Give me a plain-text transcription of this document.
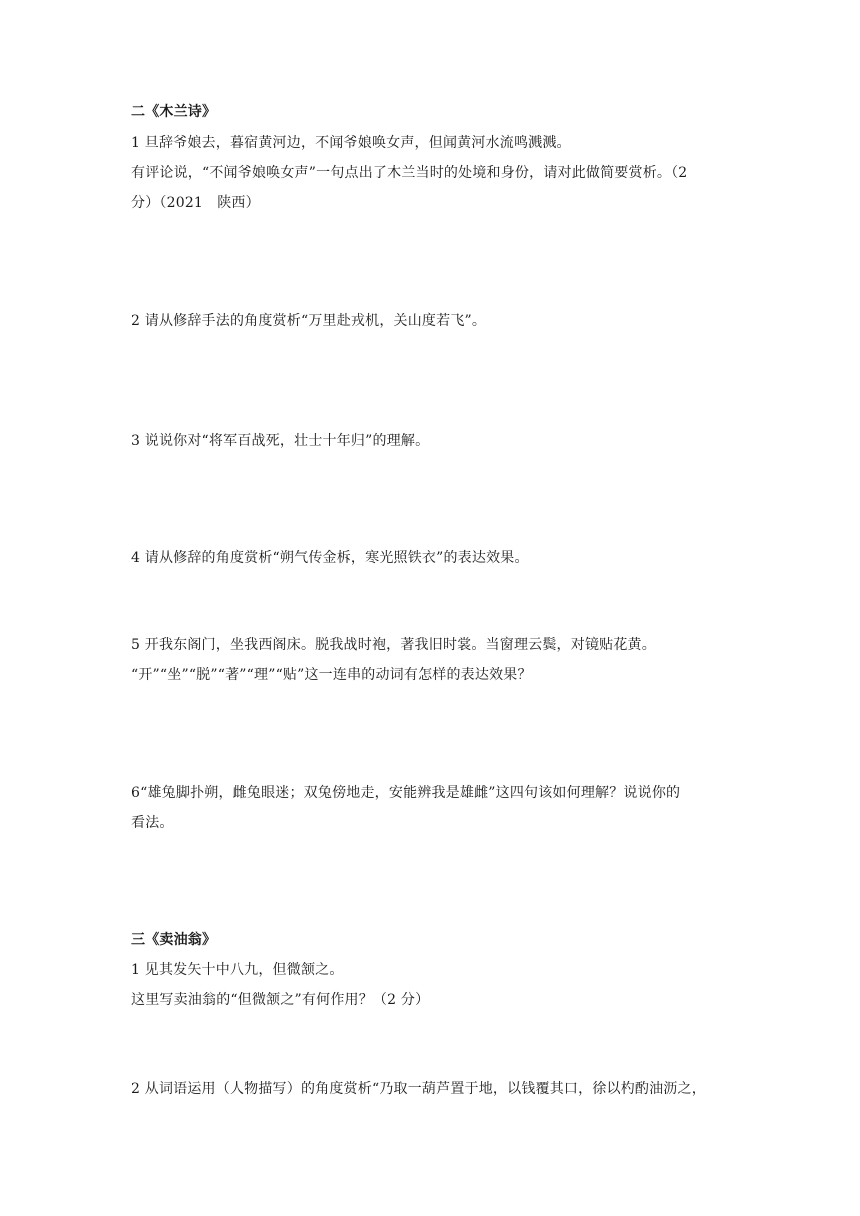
二《木兰诗》
1 旦辞爷娘去，暮宿黄河边，不闻爷娘唤女声，但闻黄河水流鸣溅溅。
有评论说，“不闻爷娘唤女声”一句点出了木兰当时的处境和身份，请对此做简要赏析。（2
分）（2021　陕西）
2 请从修辞手法的角度赏析“万里赴戎机，关山度若飞”。
3 说说你对“将军百战死，壮士十年归”的理解。
4 请从修辞的角度赏析“朔气传金柝，寒光照铁衣”的表达效果。
5 开我东阁门，坐我西阁床。脱我战时袍，著我旧时裳。当窗理云鬓，对镜贴花黄。
“开”“坐”“脱”“著”“理”“贴”这一连串的动词有怎样的表达效果？
6“雄兔脚扑朔，雌兔眼迷；双兔傍地走，安能辨我是雄雌”这四句该如何理解？说说你的
看法。
三《卖油翁》
1 见其发矢十中八九，但微颔之。
这里写卖油翁的“但微颔之”有何作用？（2 分）
2 从词语运用（人物描写）的角度赏析“乃取一葫芦置于地，以钱覆其口，徐以杓酌油沥之，
